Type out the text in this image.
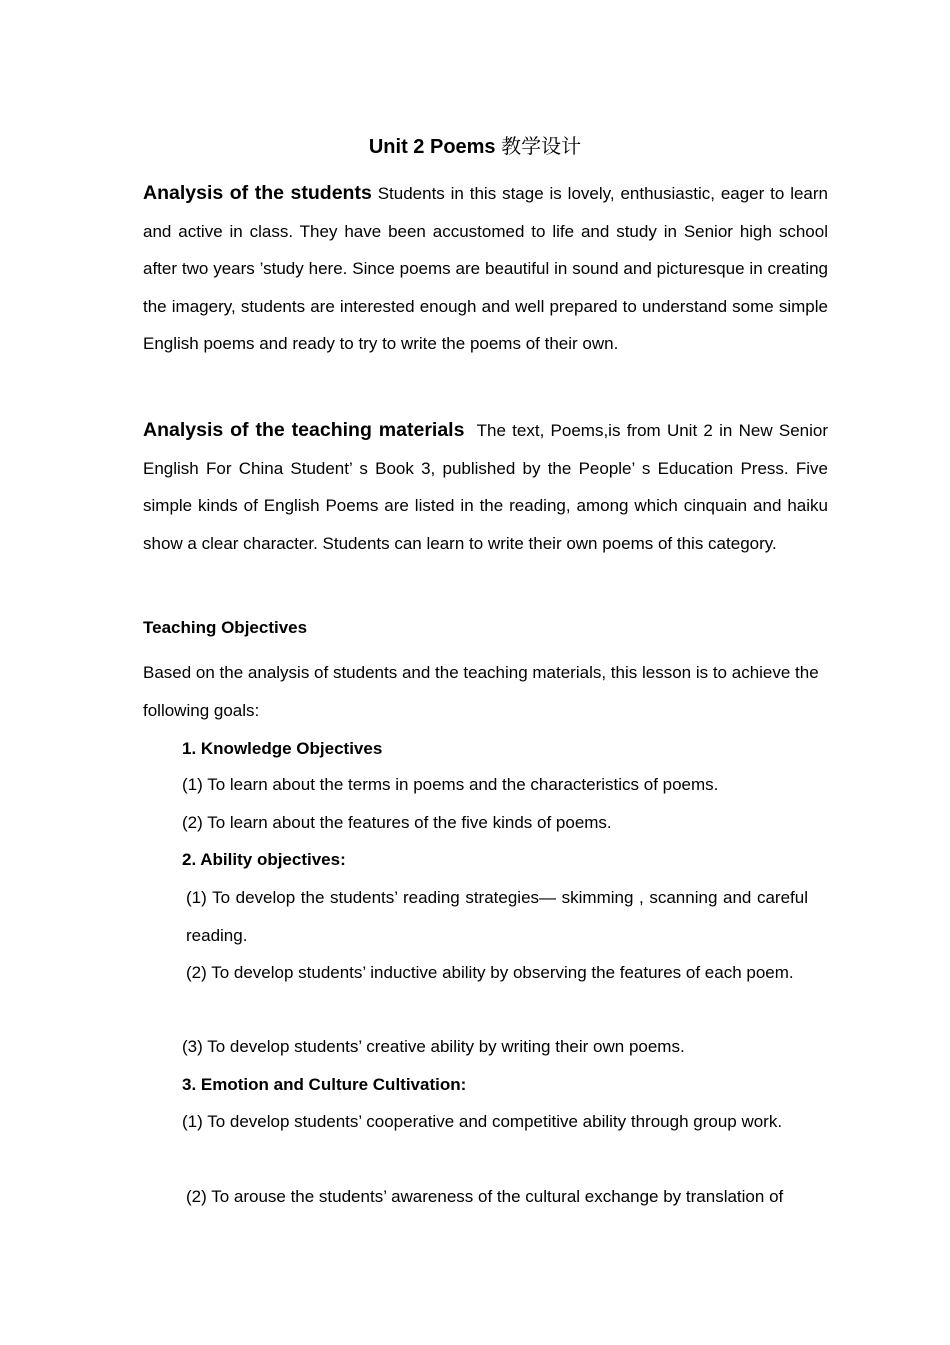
Unit 2 Poems 教学设计
Analysis of the students Students in this stage is lovely, enthusiastic, eager to learn and active in class. They have been accustomed to life and study in Senior high school after two years ’study here. Since poems are beautiful in sound and picturesque in creating the imagery, students are interested enough and well prepared to understand some simple English poems and ready to try to write the poems of their own.
Analysis of the teaching materials The text, Poems,is from Unit 2 in New Senior English For China Student’ s Book 3, published by the People’ s Education Press. Five simple kinds of English Poems are listed in the reading, among which cinquain and haiku show a clear character. Students can learn to write their own poems of this category.
Teaching Objectives
Based on the analysis of students and the teaching materials, this lesson is to achieve the following goals:
1. Knowledge Objectives
(1) To learn about the terms in poems and the characteristics of poems.
(2) To learn about the features of the five kinds of poems.
2. Ability objectives:
(1) To develop the students’ reading strategies— skimming , scanning and careful reading.
(2) To develop students’ inductive ability by observing the features of each poem.
(3) To develop students’ creative ability by writing their own poems.
3. Emotion and Culture Cultivation:
(1) To develop students’ cooperative and competitive ability through group work.
(2) To arouse the students’ awareness of the cultural exchange by translation of
